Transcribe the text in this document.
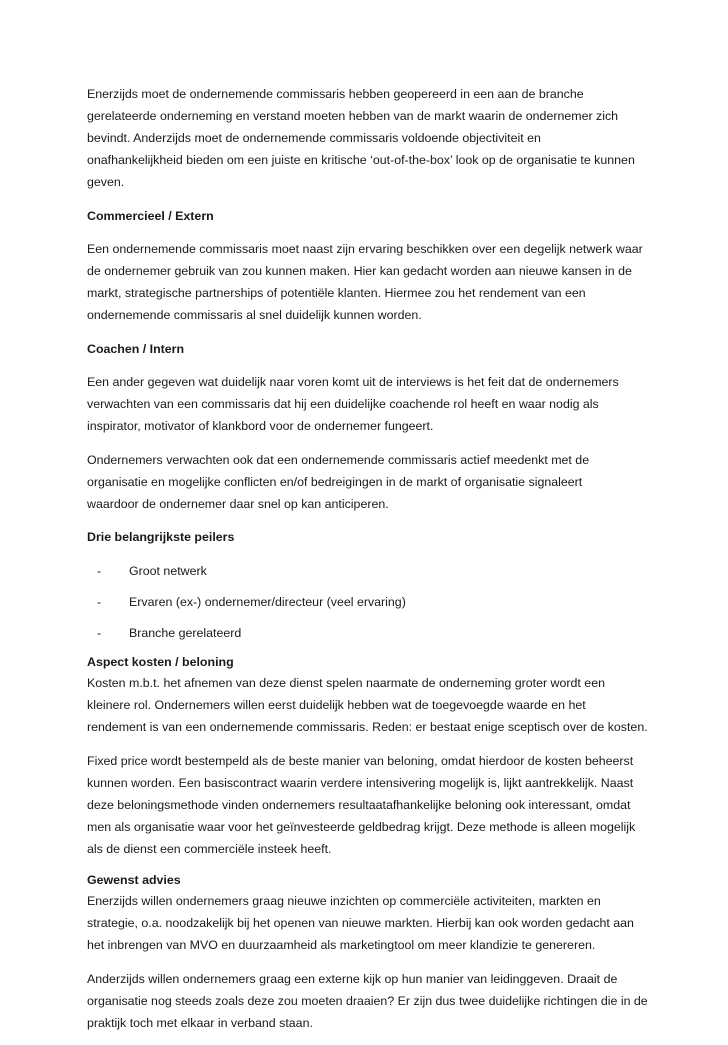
Enerzijds moet de ondernemende commissaris hebben geopereerd in een aan de branche
gerelateerde onderneming en verstand moeten hebben van de markt waarin de ondernemer zich
bevindt. Anderzijds moet de ondernemende commissaris voldoende objectiviteit en
onafhankelijkheid bieden om een juiste en kritische ‘out-of-the-box’ look op de organisatie te kunnen
geven.

Commercieel / Extern

Een ondernemende commissaris moet naast zijn ervaring beschikken over een degelijk netwerk waar
de ondernemer gebruik van zou kunnen maken. Hier kan gedacht worden aan nieuwe kansen in de
markt, strategische partnerships of potentiële klanten. Hiermee zou het rendement van een
ondernemende commissaris al snel duidelijk kunnen worden.

Coachen / Intern

Een ander gegeven wat duidelijk naar voren komt uit de interviews is het feit dat de ondernemers
verwachten van een commissaris dat hij een duidelijke coachende rol heeft en waar nodig als
inspirator, motivator of klankbord voor de ondernemer fungeert.

Ondernemers verwachten ook dat een ondernemende commissaris actief meedenkt met de
organisatie en mogelijke conflicten en/of bedreigingen in de markt of organisatie signaleert
waardoor de ondernemer daar snel op kan anticiperen.

Drie belangrijkste peilers

- Groot netwerk
- Ervaren (ex-) ondernemer/directeur (veel ervaring)
- Branche gerelateerd

Aspect kosten / beloning

Kosten m.b.t. het afnemen van deze dienst spelen naarmate de onderneming groter wordt een
kleinere rol. Ondernemers willen eerst duidelijk hebben wat de toegevoegde waarde en het
rendement is van een ondernemende commissaris. Reden: er bestaat enige sceptisch over de kosten.

Fixed price wordt bestempeld als de beste manier van beloning, omdat hierdoor de kosten beheerst
kunnen worden. Een basiscontract waarin verdere intensivering mogelijk is, lijkt aantrekkelijk. Naast
deze beloningsmethode vinden ondernemers resultaatafhankelijke beloning ook interessant, omdat
men als organisatie waar voor het geïnvesteerde geldbedrag krijgt. Deze methode is alleen mogelijk
als de dienst een commerciële insteek heeft.

Gewenst advies

Enerzijds willen ondernemers graag nieuwe inzichten op commerciële activiteiten, markten en
strategie, o.a. noodzakelijk bij het openen van nieuwe markten. Hierbij kan ook worden gedacht aan
het inbrengen van MVO en duurzaamheid als marketingtool om meer klandizie te genereren.

Anderzijds willen ondernemers graag een externe kijk op hun manier van leidinggeven. Draait de
organisatie nog steeds zoals deze zou moeten draaien? Er zijn dus twee duidelijke richtingen die in de
praktijk toch met elkaar in verband staan.
